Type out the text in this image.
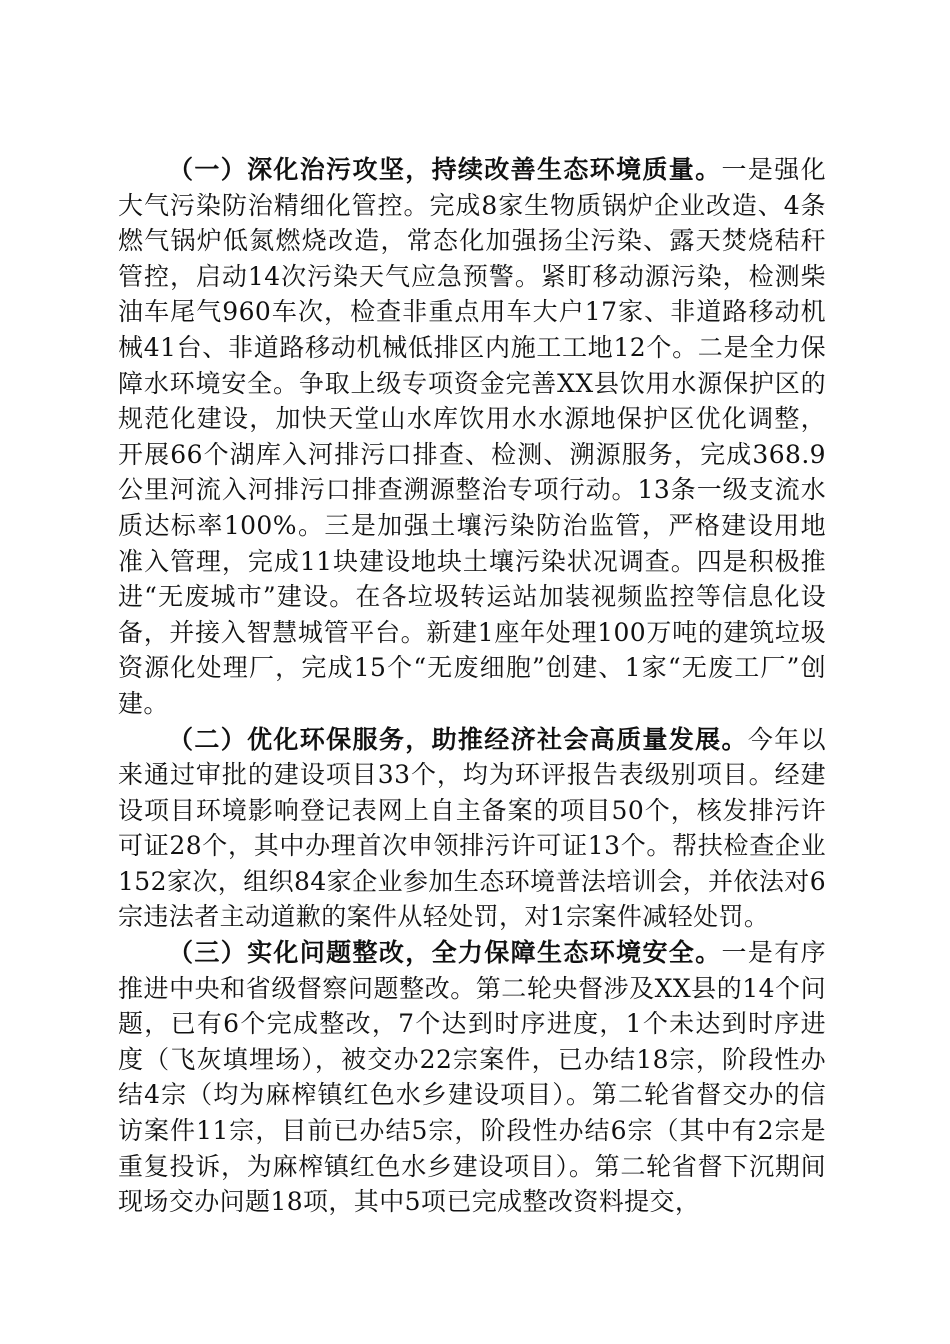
（一）深化治污攻坚，持续改善生态环境质量。一是强化大气污染防治精细化管控。完成8家生物质锅炉企业改造、4条燃气锅炉低氮燃烧改造，常态化加强扬尘污染、露天焚烧秸秆管控，启动14次污染天气应急预警。紧盯移动源污染，检测柴油车尾气960车次，检查非重点用车大户17家、非道路移动机械41台、非道路移动机械低排区内施工工地12个。二是全力保障水环境安全。争取上级专项资金完善XX县饮用水源保护区的规范化建设，加快天堂山水库饮用水水源地保护区优化调整，开展66个湖库入河排污口排查、检测、溯源服务，完成368.9公里河流入河排污口排查溯源整治专项行动。13条一级支流水质达标率100%。三是加强土壤污染防治监管，严格建设用地准入管理，完成11块建设地块土壤污染状况调查。四是积极推进“无废城市”建设。在各垃圾转运站加装视频监控等信息化设备，并接入智慧城管平台。新建1座年处理100万吨的建筑垃圾资源化处理厂，完成15个“无废细胞”创建、1家“无废工厂”创建。

（二）优化环保服务，助推经济社会高质量发展。今年以来通过审批的建设项目33个，均为环评报告表级别项目。经建设项目环境影响登记表网上自主备案的项目50个，核发排污许可证28个，其中办理首次申领排污许可证13个。帮扶检查企业152家次，组织84家企业参加生态环境普法培训会，并依法对6宗违法者主动道歉的案件从轻处罚，对1宗案件减轻处罚。

（三）实化问题整改，全力保障生态环境安全。一是有序推进中央和省级督察问题整改。第二轮央督涉及XX县的14个问题，已有6个完成整改，7个达到时序进度，1个未达到时序进度（飞灰填埋场），被交办22宗案件，已办结18宗，阶段性办结4宗（均为麻榨镇红色水乡建设项目）。第二轮省督交办的信访案件11宗，目前已办结5宗，阶段性办结6宗（其中有2宗是重复投诉，为麻榨镇红色水乡建设项目）。第二轮省督下沉期间现场交办问题18项，其中5项已完成整改资料提交，
